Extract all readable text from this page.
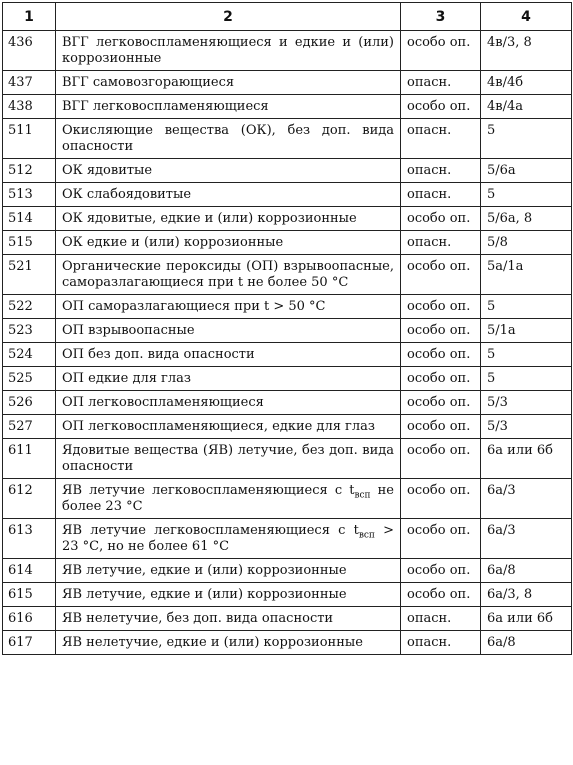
1	2	3	4
436	ВГГ легковоспламеняющиеся и едкие и (или) коррозионные	особо оп.	4в/3, 8
437	ВГГ самовозгорающиеся	опасн.	4в/4б
438	ВГГ легковоспламеняющиеся	особо оп.	4в/4а
511	Окисляющие вещества (ОК), без доп. вида опасности	опасн.	5
512	ОК ядовитые	опасн.	5/6а
513	ОК слабоядовитые	опасн.	5
514	ОК ядовитые, едкие и (или) коррозионные	особо оп.	5/6а, 8
515	ОК едкие и (или) коррозионные	опасн.	5/8
521	Органические пероксиды (ОП) взрывоопасные, саморазлагающиеся при t не более 50 °С	особо оп.	5а/1а
522	ОП саморазлагающиеся при t > 50 °С	особо оп.	5
523	ОП взрывоопасные	особо оп.	5/1а
524	ОП без доп. вида опасности	особо оп.	5
525	ОП едкие для глаз	особо оп.	5
526	ОП легковоспламеняющиеся	особо оп.	5/3
527	ОП легковоспламеняющиеся, едкие для глаз	особо оп.	5/3
611	Ядовитые вещества (ЯВ) летучие, без доп. вида опасности	особо оп.	6а или 6б
612	ЯВ летучие легковоспламеняющиеся с $t_{всп}$ не более 23 °С	особо оп.	6а/3
613	ЯВ летучие легковоспламеняющиеся с $t_{всп} > 23$ °С, но не более 61 °С	особо оп.	6а/3
614	ЯВ летучие, едкие и (или) коррозионные	особо оп.	6а/8
615	ЯВ летучие, едкие и (или) коррозионные	особо оп.	6а/3, 8
616	ЯВ нелетучие, без доп. вида опасности	опасн.	6а или 6б
617	ЯВ нелетучие, едкие и (или) коррозионные	опасн.	6а/8
